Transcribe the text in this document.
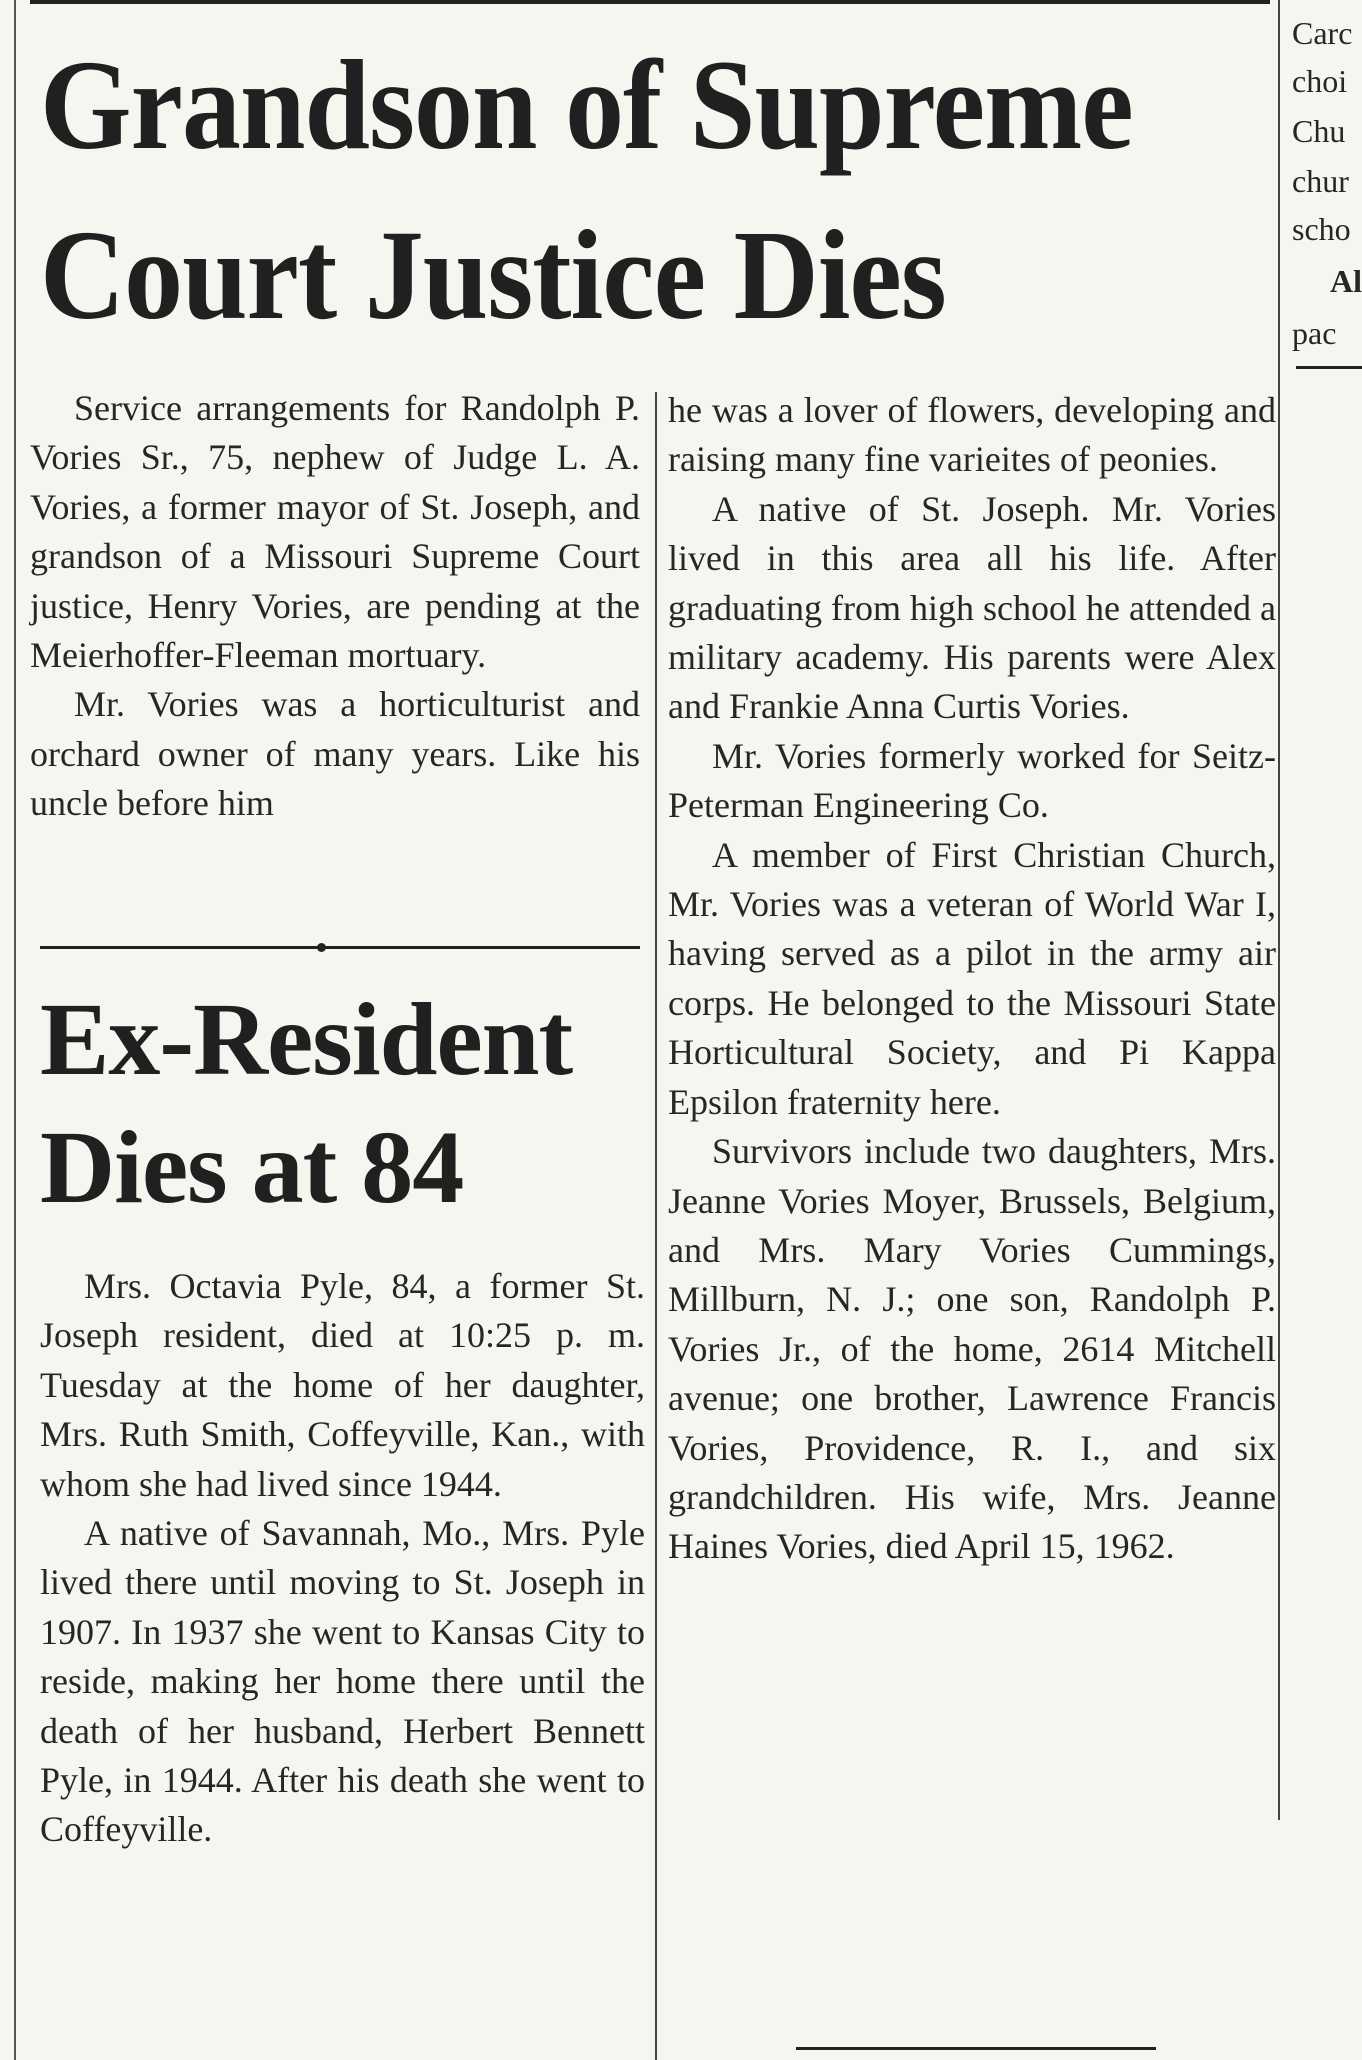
Grandson of Supreme
Court Justice Dies

Service arrangements for Randolph P. Vories Sr., 75, nephew of Judge L. A. Vories, a former mayor of St. Joseph, and grandson of a Missouri Supreme Court justice, Henry Vories, are pending at the Meierhoffer-Fleeman mortuary.

Mr. Vories was a horticulturist and orchard owner of many years. Like his uncle before him

Ex-Resident
Dies at 84

Mrs. Octavia Pyle, 84, a former St. Joseph resident, died at 10:25 p. m. Tuesday at the home of her daughter, Mrs. Ruth Smith, Coffeyville, Kan., with whom she had lived since 1944.

A native of Savannah, Mo., Mrs. Pyle lived there until moving to St. Joseph in 1907. In 1937 she went to Kansas City to reside, making her home there until the death of her husband, Herbert Bennett Pyle, in 1944. After his death she went to Coffeyville.

he was a lover of flowers, developing and raising many fine varieites of peonies.

A native of St. Joseph. Mr. Vories lived in this area all his life. After graduating from high school he attended a military academy. His parents were Alex and Frankie Anna Curtis Vories.

Mr. Vories formerly worked for Seitz-Peterman Engineering Co.

A member of First Christian Church, Mr. Vories was a veteran of World War I, having served as a pilot in the army air corps. He belonged to the Missouri State Horticultural Society, and Pi Kappa Epsilon fraternity here.

Survivors include two daughters, Mrs. Jeanne Vories Moyer, Brussels, Belgium, and Mrs. Mary Vories Cummings, Millburn, N. J.; one son, Randolph P. Vories Jr., of the home, 2614 Mitchell avenue; one brother, Lawrence Francis Vories, Providence, R. I., and six grandchildren. His wife, Mrs. Jeanne Haines Vories, died April 15, 1962.

Carc
choi
Chu
chur
scho
Al
pac
